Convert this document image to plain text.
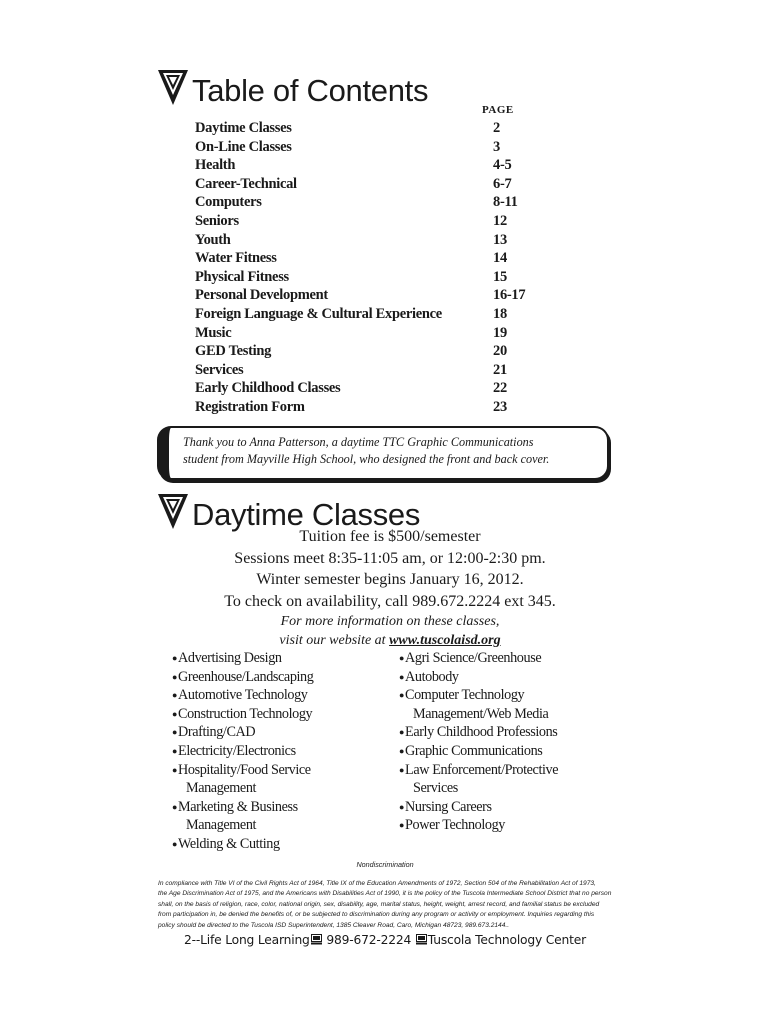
Table of Contents
PAGE
Daytime Classes	2
On-Line Classes	3
Health	4-5
Career-Technical	6-7
Computers	8-11
Seniors	12
Youth	13
Water Fitness	14
Physical Fitness	15
Personal Development	16-17
Foreign Language & Cultural Experience	18
Music	19
GED Testing	20
Services	21
Early Childhood Classes	22
Registration Form	23
Thank you to Anna Patterson, a daytime TTC Graphic Communications
student from Mayville High School, who designed the front and back cover.
Daytime Classes
Tuition fee is $500/semester
Sessions meet 8:35-11:05 am, or 12:00-2:30 pm.
Winter semester begins January 16, 2012.
To check on availability, call 989.672.2224 ext 345.
For more information on these classes,
visit our website at www.tuscolaisd.org
●Advertising Design
●Greenhouse/Landscaping
●Automotive Technology
●Construction Technology
●Drafting/CAD
●Electricity/Electronics
●Hospitality/Food Service
Management
●Marketing & Business
Management
●Welding & Cutting
●Agri Science/Greenhouse
●Autobody
●Computer Technology
Management/Web Media
●Early Childhood Professions
●Graphic Communications
●Law Enforcement/Protective
Services
●Nursing Careers
●Power Technology
Nondiscrimination
In compliance with Title VI of the Civil Rights Act of 1964, Title IX of the Education Amendments of 1972, Section 504 of the Rehabilitation Act of 1973,
the Age Discrimination Act of 1975, and the Americans with Disabilities Act of 1990, it is the policy of the Tuscola Intermediate School District that no person
shall, on the basis of religion, race, color, national origin, sex, disability, age, marital status, height, weight, arrest record, and familial status be excluded
from participation in, be denied the benefits of, or be subjected to discrimination during any program or activity or employment. Inquiries regarding this
policy should be directed to the Tuscola ISD Superintendent, 1385 Cleaver Road, Caro, Michigan 48723, 989.673.2144..
2--Life Long Learning 989-672-2224 Tuscola Technology Center
